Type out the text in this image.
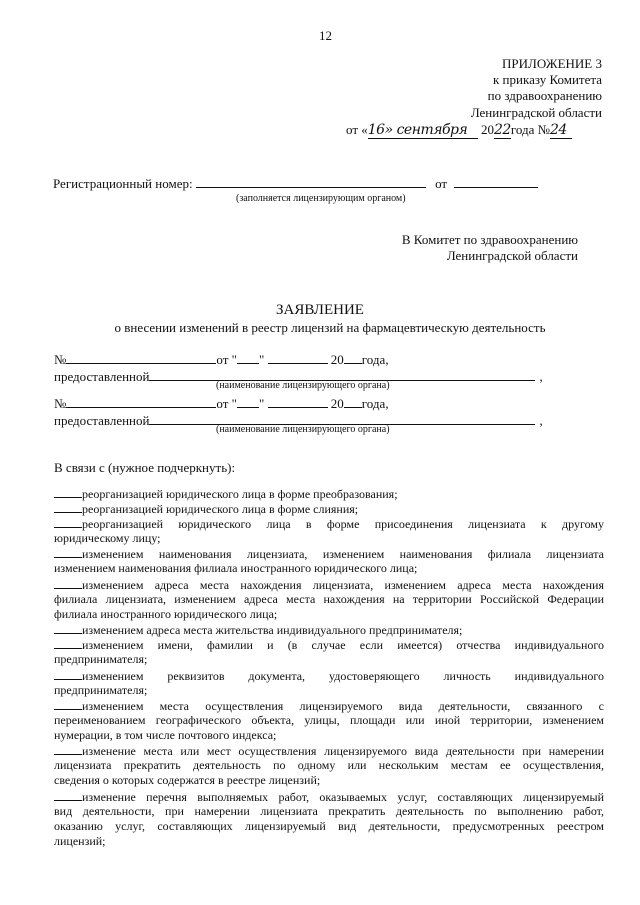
12
ПРИЛОЖЕНИЕ 3
к приказу Комитета
по здравоохранению
Ленинградской области
от «16» сентября 2022года №24
Регистрационный номер:	от
(заполняется лицензирующим органом)
В Комитет по здравоохранению
Ленинградской области
ЗАЯВЛЕНИЕ
о внесении изменений в реестр лицензий на фармацевтическую деятельность
№	от " "	20 года,
предоставленной	,
(наименование лицензирующего органа)
№	от " "	20 года,
предоставленной	,
(наименование лицензирующего органа)
В связи с (нужное подчеркнуть):
реорганизацией юридического лица в форме преобразования;
реорганизацией юридического лица в форме слияния;
реорганизацией юридического лица в форме присоединения лицензиата к другому
юридическому лицу;
изменением наименования лицензиата, изменением наименования филиала лицензиата
изменением наименования филиала иностранного юридического лица;
изменением адреса места нахождения лицензиата, изменением адреса места нахождения
филиала лицензиата, изменением адреса места нахождения на территории Российской Федерации
филиала иностранного юридического лица;
изменением адреса места жительства индивидуального предпринимателя;
изменением имени, фамилии и (в случае если имеется) отчества индивидуального
предпринимателя;
изменением реквизитов документа, удостоверяющего личность индивидуального
предпринимателя;
изменением места осуществления лицензируемого вида деятельности, связанного с
переименованием географического объекта, улицы, площади или иной территории, изменением
нумерации, в том числе почтового индекса;
изменение места или мест осуществления лицензируемого вида деятельности при намерении
лицензиата прекратить деятельность по одному или нескольким местам ее осуществления,
сведения о которых содержатся в реестре лицензий;
изменение перечня выполняемых работ, оказываемых услуг, составляющих лицензируемый
вид деятельности, при намерении лицензиата прекратить деятельность по выполнению работ,
оказанию услуг, составляющих лицензируемый вид деятельности, предусмотренных реестром
лицензий;
